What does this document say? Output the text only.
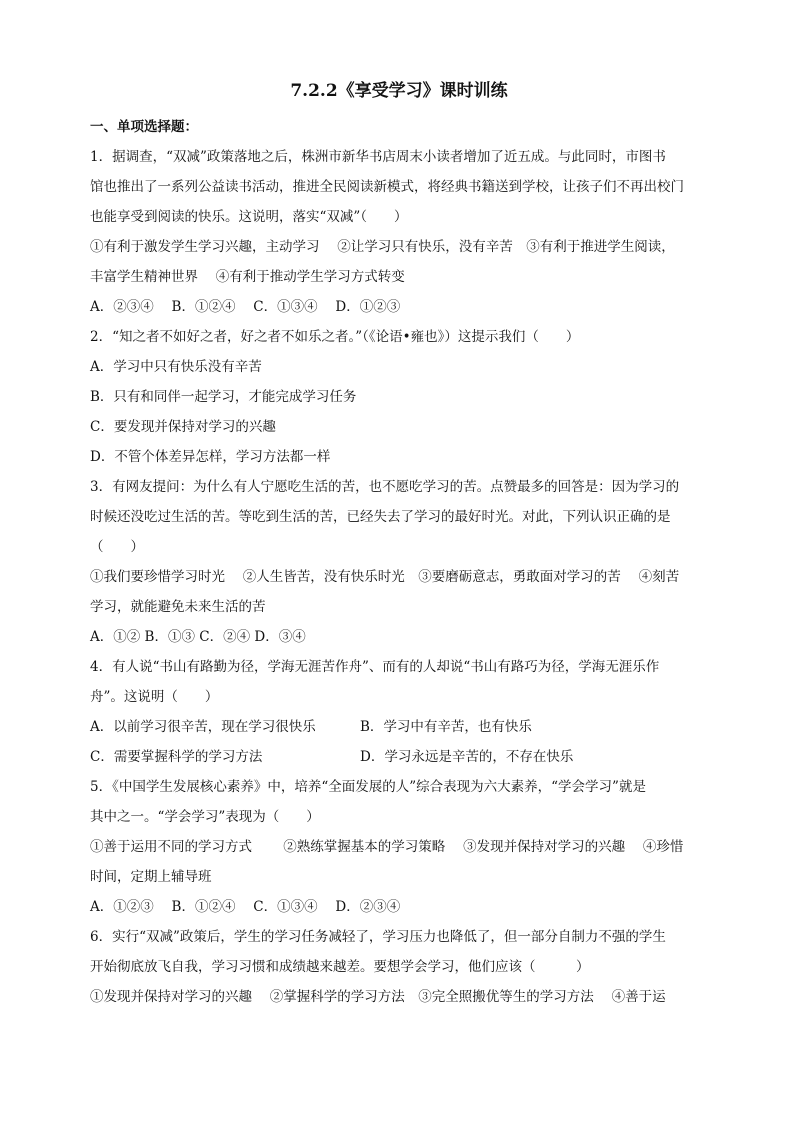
7.2.2《享受学习》课时训练
一、单项选择题：
1．据调查，“双减”政策落地之后，株洲市新华书店周末小读者增加了近五成。与此同时，市图书
馆也推出了一系列公益读书活动，推进全民阅读新模式，将经典书籍送到学校，让孩子们不再出校门
也能享受到阅读的快乐。这说明，落实“双减”（　　）
①有利于激发学生学习兴趣，主动学习　 ②让学习只有快乐，没有辛苦　③有利于推进学生阅读，
丰富学生精神世界　 ④有利于推动学生学习方式转变
A．②③④　 B．①②④　 C．①③④　 D．①②③
2．“知之者不如好之者，好之者不如乐之者。”（《论语•雍也》）这提示我们（　　）
A．学习中只有快乐没有辛苦
B．只有和同伴一起学习，才能完成学习任务
C．要发现并保持对学习的兴趣
D．不管个体差异怎样，学习方法都一样
3．有网友提问：为什么有人宁愿吃生活的苦，也不愿吃学习的苦。点赞最多的回答是：因为学习的
时候还没吃过生活的苦。等吃到生活的苦，已经失去了学习的最好时光。对此，下列认识正确的是
（　　）
①我们要珍惜学习时光　 ②人生皆苦，没有快乐时光　③要磨砺意志，勇敢面对学习的苦　 ④刻苦
学习，就能避免未来生活的苦
A．①② B．①③ C．②④ D．③④
4．有人说“书山有路勤为径，学海无涯苦作舟”、而有的人却说“书山有路巧为径，学海无涯乐作
舟”。这说明（　　）
A．以前学习很辛苦，现在学习很快乐	B．学习中有辛苦，也有快乐
C．需要掌握科学的学习方法	D．学习永远是辛苦的，不存在快乐
5．《中国学生发展核心素养》中，培养“全面发展的人”综合表现为六大素养，“学会学习”就是
其中之一。“学会学习”表现为（　　）
①善于运用不同的学习方式　　 ②熟练掌握基本的学习策略　 ③发现并保持对学习的兴趣　 ④珍惜
时间，定期上辅导班
A．①②③　 B．①②④　 C．①③④　 D．②③④
6．实行“双减”政策后，学生的学习任务减轻了，学习压力也降低了，但一部分自制力不强的学生
开始彻底放飞自我，学习习惯和成绩越来越差。要想学会学习，他们应该（　　　）
①发现并保持对学习的兴趣　 ②掌握科学的学习方法　③完全照搬优等生的学习方法　 ④善于运
